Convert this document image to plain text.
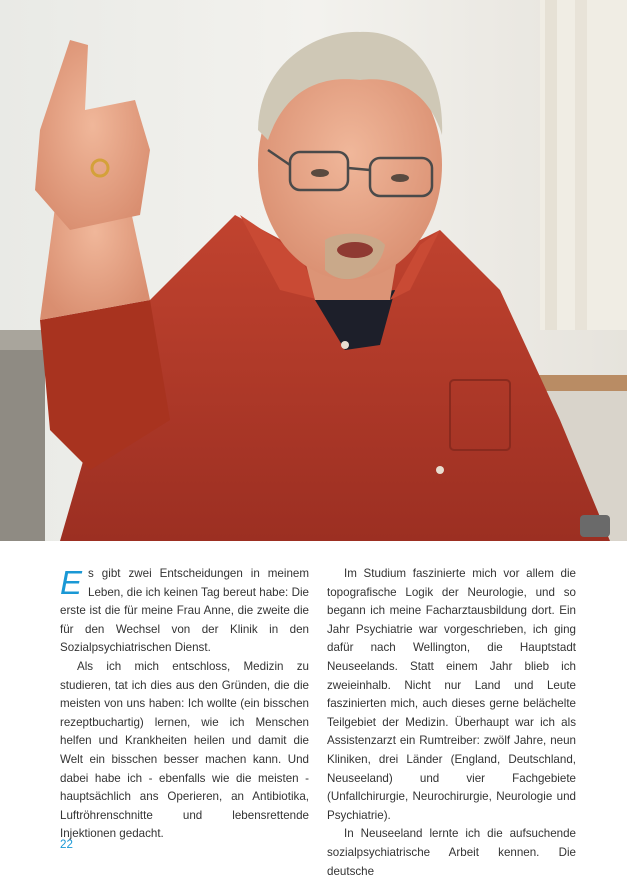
Es gibt zwei Entscheidungen in meinem Leben, die ich keinen Tag bereut habe: Die erste ist die für meine Frau Anne, die zweite die für den Wechsel von der Klinik in den Sozialpsychiatrischen Dienst.

Als ich mich entschloss, Medizin zu studieren, tat ich dies aus den Gründen, die die meisten von uns haben: Ich wollte (ein bisschen rezeptbuchartig) lernen, wie ich Menschen helfen und Krankheiten heilen und damit die Welt ein bisschen besser machen kann. Und dabei habe ich - ebenfalls wie die meisten - hauptsächlich ans Operieren, an Antibiotika, Luftröhrenschnitte und lebensrettende Injektionen gedacht.

Im Studium faszinierte mich vor allem die topografische Logik der Neurologie, und so begann ich meine Facharztausbildung dort. Ein Jahr Psychiatrie war vorgeschrieben, ich ging dafür nach Wellington, die Hauptstadt Neuseelands. Statt einem Jahr blieb ich zweieinhalb. Nicht nur Land und Leute faszinierten mich, auch dieses gerne belächelte Teilgebiet der Medizin. Überhaupt war ich als Assistenzarzt ein Rumtreiber: zwölf Jahre, neun Kliniken, drei Länder (England, Deutschland, Neuseeland) und vier Fachgebiete (Unfallchirurgie, Neurochirurgie, Neurologie und Psychiatrie).

In Neuseeland lernte ich die aufsuchende sozialpsychiatrische Arbeit kennen. Die deutsche

22
